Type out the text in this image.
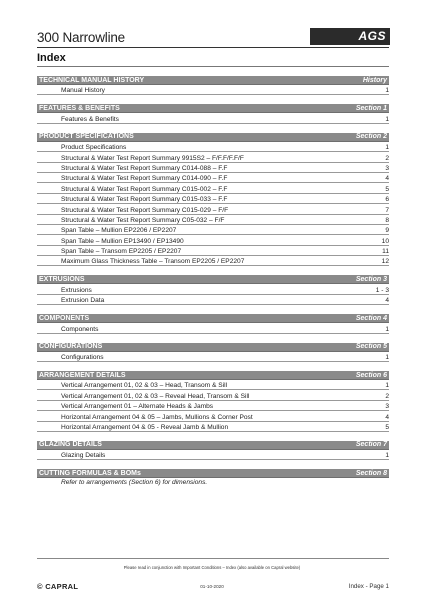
300 Narrowline	AGS
Index
TECHNICAL MANUAL HISTORY	History
Manual History	1
FEATURES & BENEFITS	Section 1
Features & Benefits	1
PRODUCT SPECIFICATIONS	Section 2
Product Specifications	1
Structural & Water Test Report Summary 9915S2 – F/F.F/F.F/F	2
Structural & Water Test Report Summary C014-088 – F.F	3
Structural & Water Test Report Summary C014-090 – F.F	4
Structural & Water Test Report Summary C015-002 – F.F	5
Structural & Water Test Report Summary C015-033 – F.F	6
Structural & Water Test Report Summary C015-029 – F/F	7
Structural & Water Test Report Summary C05-032 – F/F	8
Span Table – Mullion EP2206 / EP2207	9
Span Table – Mullion EP13490 / EP13490	10
Span Table – Transom EP2205 / EP2207	11
Maximum Glass Thickness Table – Transom EP2205 / EP2207	12
EXTRUSIONS	Section 3
Extrusions	1 - 3
Extrusion Data	4
COMPONENTS	Section 4
Components	1
CONFIGURATIONS	Section 5
Configurations	1
ARRANGEMENT DETAILS	Section 6
Vertical Arrangement 01, 02 & 03 – Head, Transom & Sill	1
Vertical Arrangement 01, 02 & 03 – Reveal Head, Transom & Sill	2
Vertical Arrangement 01 – Alternate Heads & Jambs	3
Horizontal Arrangement 04 & 05 – Jambs, Mullions & Corner Post	4
Horizontal Arrangement 04 & 05 - Reveal Jamb & Mullion	5
GLAZING DETAILS	Section 7
Glazing Details	1
CUTTING FORMULAS & BOMs	Section 8
Refer to arrangements (Section 6) for dimensions.
Please read in conjunction with Important Conditions – Index (also available on Capral website)
© CAPRAL	01-10-2020	Index - Page 1
